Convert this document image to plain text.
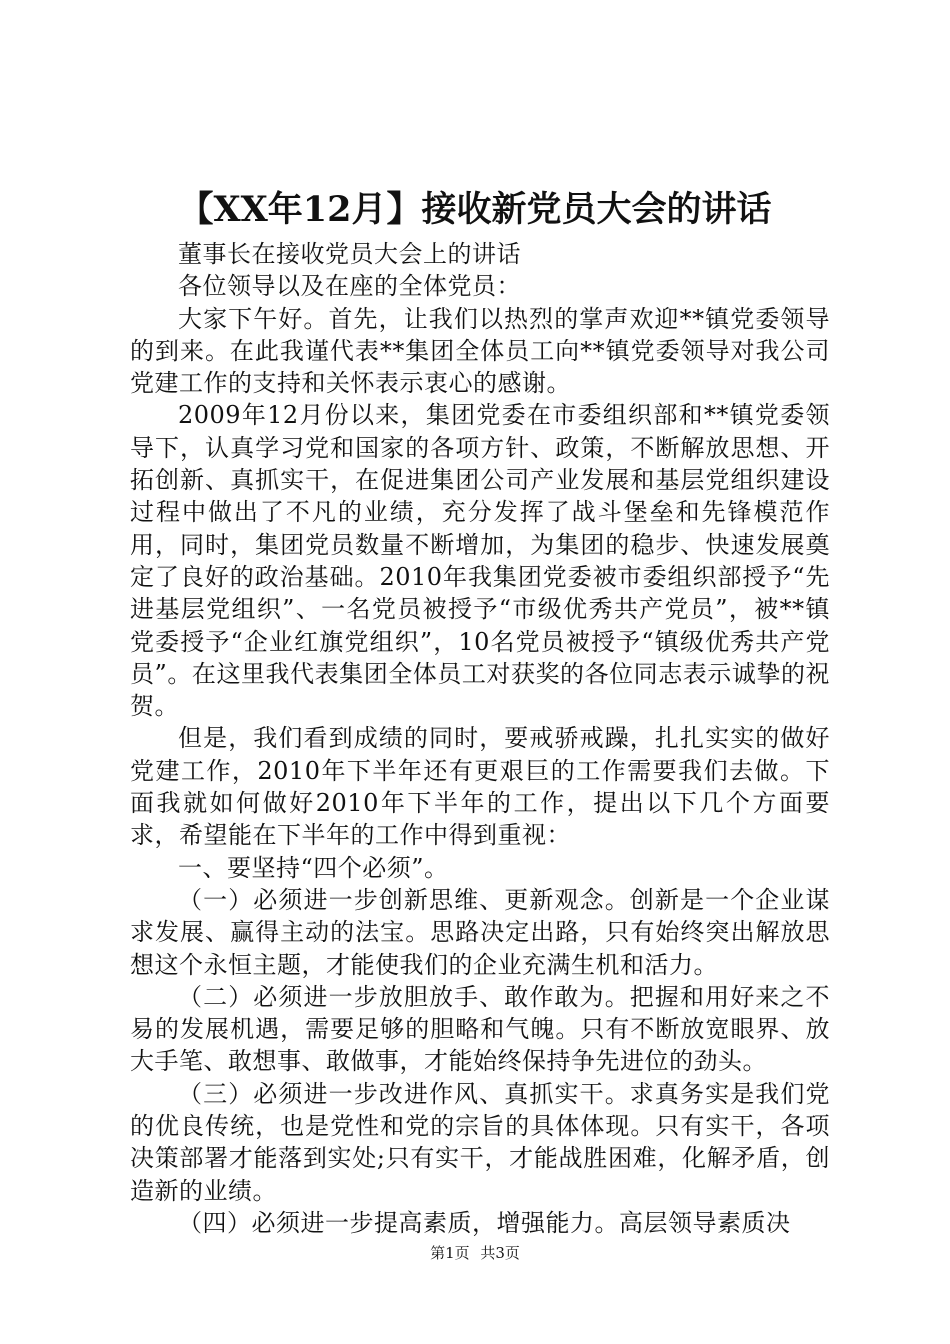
【XX年12月】接收新党员大会的讲话

董事长在接收党员大会上的讲话

各位领导以及在座的全体党员：

大家下午好。首先，让我们以热烈的掌声欢迎**镇党委领导的到来。在此我谨代表**集团全体员工向**镇党委领导对我公司党建工作的支持和关怀表示衷心的感谢。

2009年12月份以来，集团党委在市委组织部和**镇党委领导下，认真学习党和国家的各项方针、政策，不断解放思想、开拓创新、真抓实干，在促进集团公司产业发展和基层党组织建设过程中做出了不凡的业绩，充分发挥了战斗堡垒和先锋模范作用，同时，集团党员数量不断增加，为集团的稳步、快速发展奠定了良好的政治基础。2010年我集团党委被市委组织部授予“先进基层党组织”、一名党员被授予“市级优秀共产党员”，被**镇党委授予“企业红旗党组织”，10名党员被授予“镇级优秀共产党员”。在这里我代表集团全体员工对获奖的各位同志表示诚挚的祝贺。

但是，我们看到成绩的同时，要戒骄戒躁，扎扎实实的做好党建工作，2010年下半年还有更艰巨的工作需要我们去做。下面我就如何做好2010年下半年的工作，提出以下几个方面要求，希望能在下半年的工作中得到重视：

一、要坚持“四个必须”。

（一）必须进一步创新思维、更新观念。创新是一个企业谋求发展、赢得主动的法宝。思路决定出路，只有始终突出解放思想这个永恒主题，才能使我们的企业充满生机和活力。

（二）必须进一步放胆放手、敢作敢为。把握和用好来之不易的发展机遇，需要足够的胆略和气魄。只有不断放宽眼界、放大手笔、敢想事、敢做事，才能始终保持争先进位的劲头。

（三）必须进一步改进作风、真抓实干。求真务实是我们党的优良传统，也是党性和党的宗旨的具体体现。只有实干，各项决策部署才能落到实处;只有实干，才能战胜困难，化解矛盾，创造新的业绩。

（四）必须进一步提高素质，增强能力。高层领导素质决

第1页 共3页
